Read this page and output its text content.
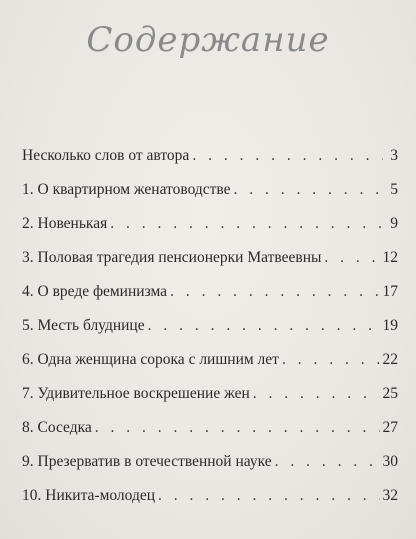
Содержание
Несколько слов от автора . . .	3
1. О квартирном женатоводстве . . .	5
2. Новенькая . . .	9
3. Половая трагедия пенсионерки Матвеевны . . .	12
4. О вреде феминизма . . .	17
5. Месть блуднице . . .	19
6. Одна женщина сорока с лишним лет . . .	22
7. Удивительное воскрешение жен . . .	25
8. Соседка . . .	27
9. Презерватив в отечественной науке . . .	30
10. Никита-молодец . . .	32
